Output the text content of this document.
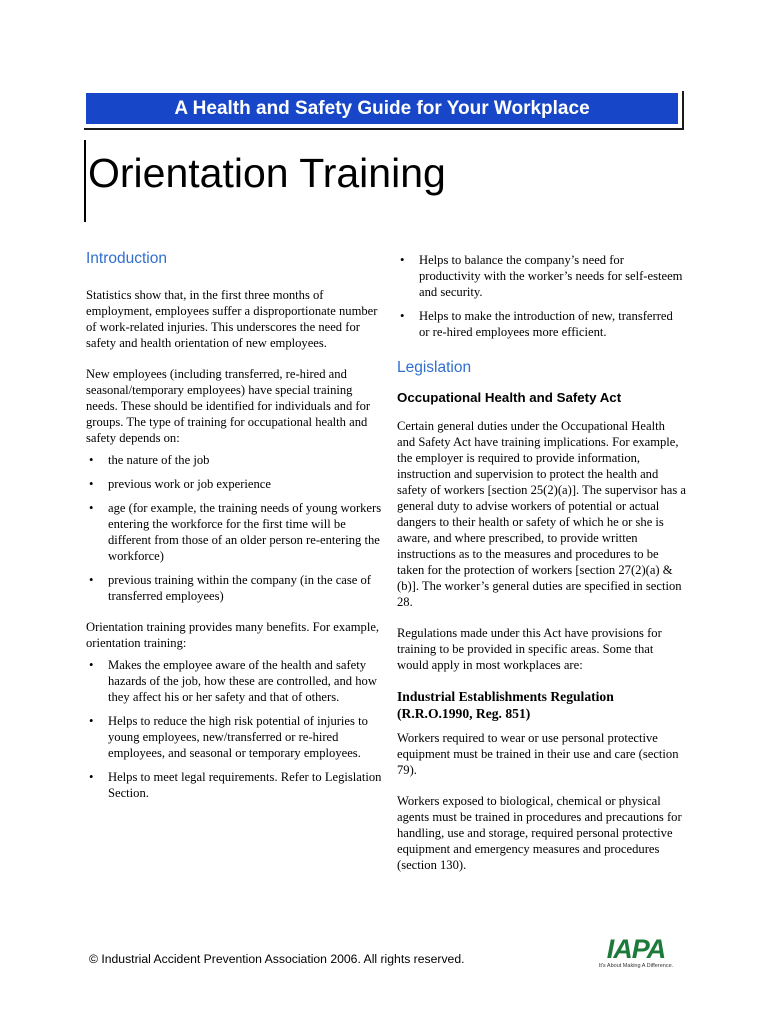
A Health and Safety Guide for Your Workplace
Orientation Training
Introduction

Statistics show that, in the first three months of employment, employees suffer a disproportionate number of work-related injuries. This underscores the need for safety and health orientation of new employees.

New employees (including transferred, re-hired and seasonal/temporary employees) have special training needs. These should be identified for individuals and for groups. The type of training for occupational health and safety depends on:

• the nature of the job
• previous work or job experience
• age (for example, the training needs of young workers entering the workforce for the first time will be different from those of an older person re-entering the workforce)
• previous training within the company (in the case of transferred employees)

Orientation training provides many benefits. For example, orientation training:

• Makes the employee aware of the health and safety hazards of the job, how these are controlled, and how they affect his or her safety and that of others.
• Helps to reduce the high risk potential of injuries to young employees, new/transferred or re-hired employees, and seasonal or temporary employees.
• Helps to meet legal requirements. Refer to Legislation Section.
• Helps to balance the company’s need for productivity with the worker’s needs for self-esteem and security.
• Helps to make the introduction of new, transferred or re-hired employees more efficient.
Legislation
Occupational Health and Safety Act

Certain general duties under the Occupational Health and Safety Act have training implications. For example, the employer is required to provide information, instruction and supervision to protect the health and safety of workers [section 25(2)(a)]. The supervisor has a general duty to advise workers of potential or actual dangers to their health or safety of which he or she is aware, and where prescribed, to provide written instructions as to the measures and procedures to be taken for the protection of workers [section 27(2)(a) & (b)]. The worker’s general duties are specified in section 28.

Regulations made under this Act have provisions for training to be provided in specific areas. Some that would apply in most workplaces are:

Industrial Establishments Regulation (R.R.O.1990, Reg. 851)

Workers required to wear or use personal protective equipment must be trained in their use and care (section 79).

Workers exposed to biological, chemical or physical agents must be trained in procedures and precautions for handling, use and storage, required personal protective equipment and emergency measures and procedures (section 130).

© Industrial Accident Prevention Association 2006. All rights reserved.	IAPA
It's About Making A Difference.
